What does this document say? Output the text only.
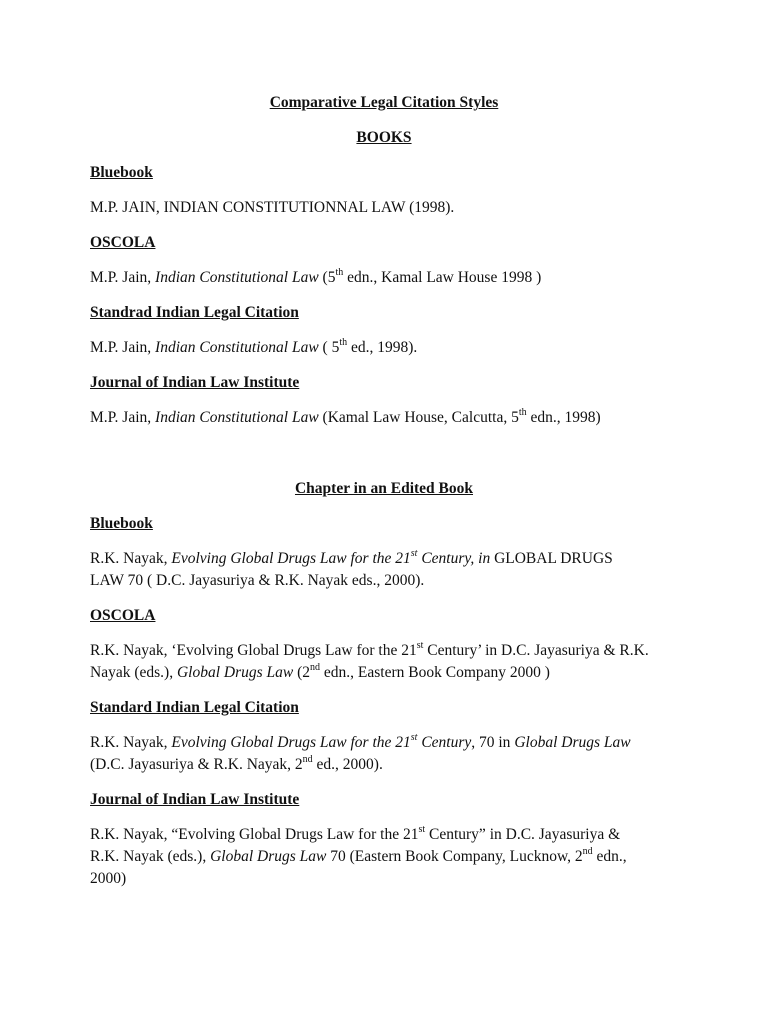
Comparative Legal Citation Styles
BOOKS
Bluebook
M.P. JAIN, INDIAN CONSTITUTIONNAL LAW (1998).
OSCOLA
M.P. Jain, Indian Constitutional Law (5th edn., Kamal Law House 1998 )
Standrad Indian Legal Citation
M.P. Jain, Indian Constitutional Law ( 5th ed., 1998).
Journal of Indian Law Institute
M.P. Jain, Indian Constitutional Law (Kamal Law House, Calcutta, 5th edn., 1998)
Chapter in an Edited Book
Bluebook
R.K. Nayak, Evolving Global Drugs Law for the 21st Century, in GLOBAL DRUGS
LAW 70 ( D.C. Jayasuriya & R.K. Nayak eds., 2000).
OSCOLA
R.K. Nayak, ‘Evolving Global Drugs Law for the 21st Century’ in D.C. Jayasuriya & R.K.
Nayak (eds.), Global Drugs Law (2nd edn., Eastern Book Company 2000 )
Standard Indian Legal Citation
R.K. Nayak, Evolving Global Drugs Law for the 21st Century, 70 in Global Drugs Law
(D.C. Jayasuriya & R.K. Nayak, 2nd ed., 2000).
Journal of Indian Law Institute
R.K. Nayak, “Evolving Global Drugs Law for the 21st Century” in D.C. Jayasuriya &
R.K. Nayak (eds.), Global Drugs Law 70 (Eastern Book Company, Lucknow, 2nd edn.,
2000)
